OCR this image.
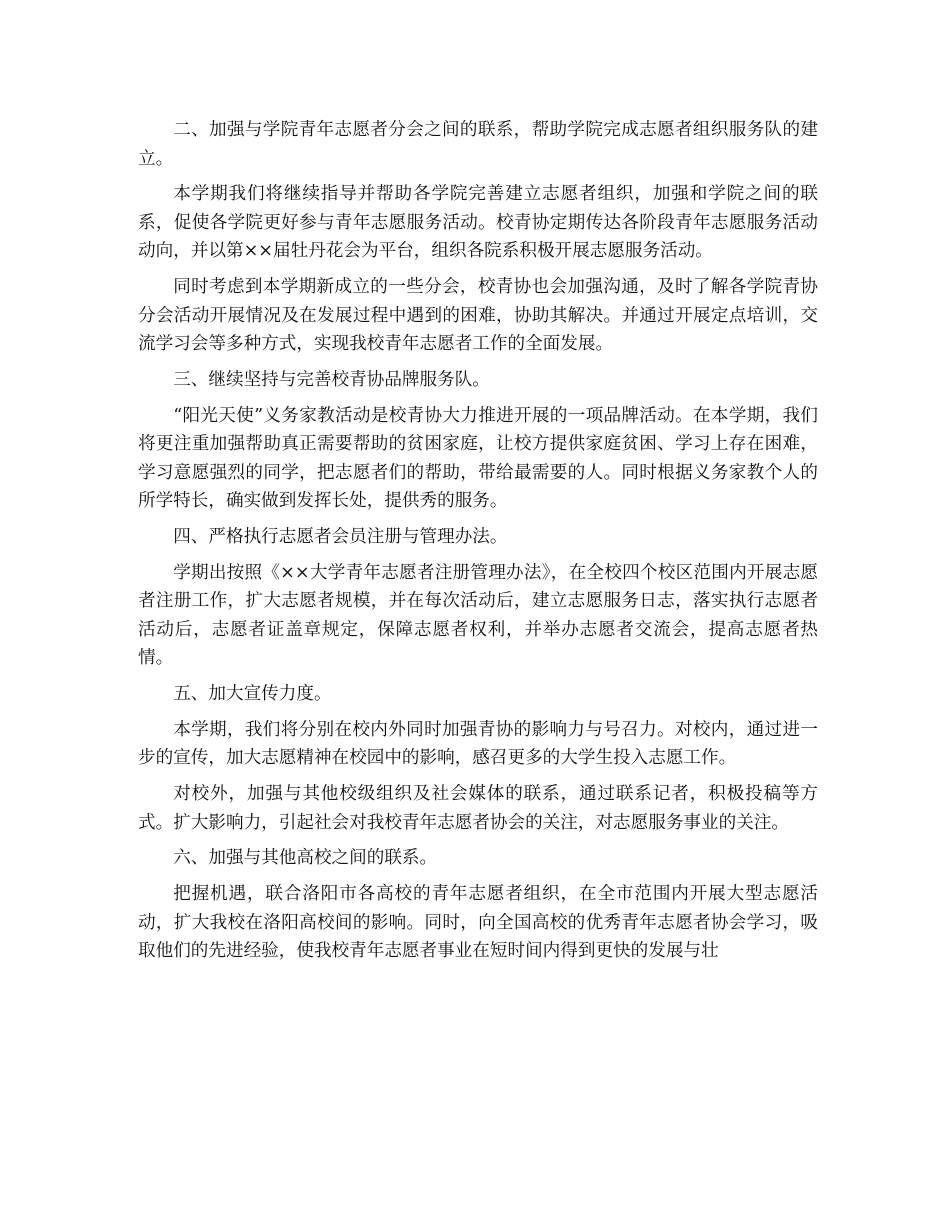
二、加强与学院青年志愿者分会之间的联系，帮助学院完成志愿者组织服务队的建立。

本学期我们将继续指导并帮助各学院完善建立志愿者组织，加强和学院之间的联系，促使各学院更好参与青年志愿服务活动。校青协定期传达各阶段青年志愿服务活动动向，并以第××届牡丹花会为平台，组织各院系积极开展志愿服务活动。

同时考虑到本学期新成立的一些分会，校青协也会加强沟通，及时了解各学院青协分会活动开展情况及在发展过程中遇到的困难，协助其解决。并通过开展定点培训，交流学习会等多种方式，实现我校青年志愿者工作的全面发展。

三、继续坚持与完善校青协品牌服务队。

“阳光天使”义务家教活动是校青协大力推进开展的一项品牌活动。在本学期，我们将更注重加强帮助真正需要帮助的贫困家庭，让校方提供家庭贫困、学习上存在困难，学习意愿强烈的同学，把志愿者们的帮助，带给最需要的人。同时根据义务家教个人的所学特长，确实做到发挥长处，提供秀的服务。

四、严格执行志愿者会员注册与管理办法。

学期出按照《××大学青年志愿者注册管理办法》，在全校四个校区范围内开展志愿者注册工作，扩大志愿者规模，并在每次活动后，建立志愿服务日志，落实执行志愿者活动后，志愿者证盖章规定，保障志愿者权利，并举办志愿者交流会，提高志愿者热情。

五、加大宣传力度。

本学期，我们将分别在校内外同时加强青协的影响力与号召力。对校内，通过进一步的宣传，加大志愿精神在校园中的影响，感召更多的大学生投入志愿工作。

对校外，加强与其他校级组织及社会媒体的联系，通过联系记者，积极投稿等方式。扩大影响力，引起社会对我校青年志愿者协会的关注，对志愿服务事业的关注。

六、加强与其他高校之间的联系。

把握机遇，联合洛阳市各高校的青年志愿者组织，在全市范围内开展大型志愿活动，扩大我校在洛阳高校间的影响。同时，向全国高校的优秀青年志愿者协会学习，吸取他们的先进经验，使我校青年志愿者事业在短时间内得到更快的发展与壮
